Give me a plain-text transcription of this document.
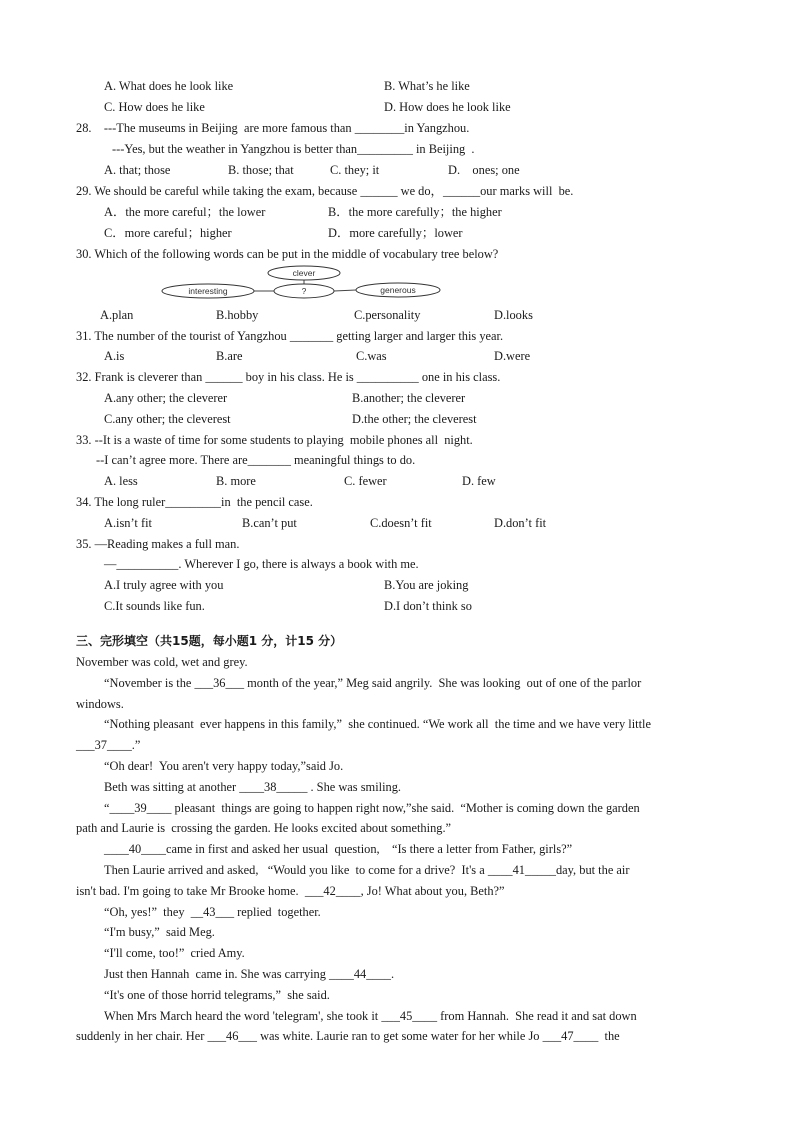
A. What does he look like	B. What’s he like
C. How does he like	D. How does he look like
28.    ---The museums in Beijing  are more famous than ________in Yangzhou.
---Yes, but the weather in Yangzhou is better than_________ in Beijing  .
A. that; those	B. those; that	C. they; it	D.    ones; one
29. We should be careful while taking the exam, because ______ we do，______our marks will  be.
A．the more careful；the lower	B．the more carefully；the higher
C．more careful；higher	D．more carefully；lower
30. Which of the following words can be put in the middle of vocabulary tree below?
clever
interesting	?	generous
A.plan	B.hobby	C.personality	D.looks
31. The number of the tourist of Yangzhou _______ getting larger and larger this year.
A.is	B.are	C.was	D.were
32. Frank is cleverer than ______ boy in his class. He is __________ one in his class.
A.any other; the cleverer	B.another; the cleverer
C.any other; the cleverest	D.the other; the cleverest
33. --It is a waste of time for some students to playing  mobile phones all  night.
--I can’t agree more. There are_______ meaningful things to do.
A. less	B. more	C. fewer	D. few
34. The long ruler_________in  the pencil case.
A.isn’t fit	B.can’t put	C.doesn’t fit	D.don’t fit
35. —Reading makes a full man.
—__________. Wherever I go, there is always a book with me.
A.I truly agree with you	B.You are joking
C.It sounds like fun.	D.I don’t think so
三、完形填空（共15题，每小题1 分，计15 分）
November was cold, wet and grey.
“November is the ___36___ month of the year,” Meg said angrily.  She was looking  out of one of the parlor
windows.
“Nothing pleasant  ever happens in this family,”  she continued. “We work all  the time and we have very little
___37____.”
“Oh dear!  You aren't very happy today,”said Jo.
Beth was sitting at another ____38_____ . She was smiling.
“____39____ pleasant  things are going to happen right now,”she said.  “Mother is coming down the garden
path and Laurie is  crossing the garden. He looks excited about something.”
____40____came in first and asked her usual  question,    “Is there a letter from Father, girls?”
Then Laurie arrived and asked,   “Would you like  to come for a drive?  It's a ____41_____day, but the air
isn't bad. I'm going to take Mr Brooke home.  ___42____, Jo! What about you, Beth?”
“Oh, yes!”  they  __43___ replied  together.
“I'm busy,”  said Meg.
“I'll come, too!”  cried Amy.
Just then Hannah  came in. She was carrying ____44____.
“It's one of those horrid telegrams,”  she said.
When Mrs March heard the word 'telegram', she took it ___45____ from Hannah.  She read it and sat down
suddenly in her chair. Her ___46___ was white. Laurie ran to get some water for her while Jo ___47____  the
